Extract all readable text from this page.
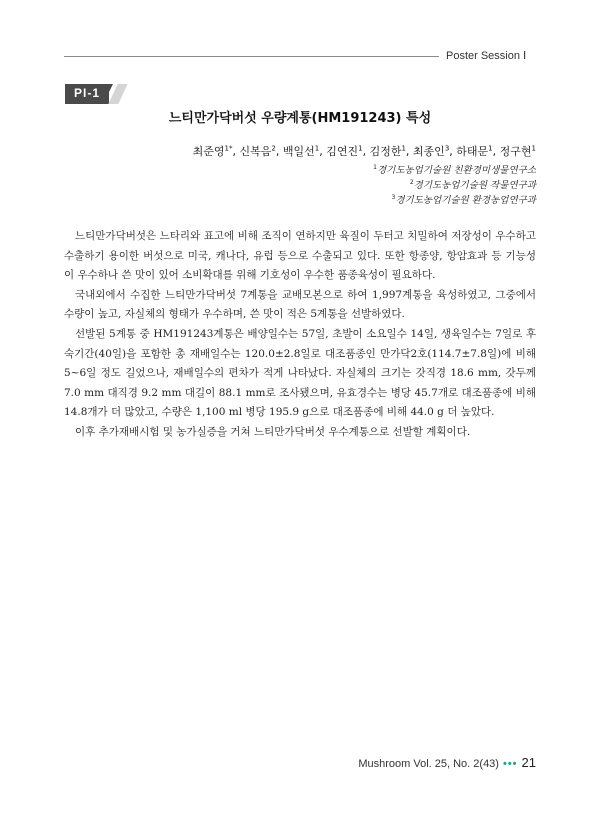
Poster Session Ⅰ
PI-1
느티만가닥버섯 우량계통(HM191243) 특성
최준영$^{1*}$, 신복음$^2$, 백일선$^1$, 김연진$^1$, 김정한$^1$, 최종인$^3$, 하태문$^1$, 정구현$^1$
$^1$경기도농업기술원 친환경미생물연구소
$^2$경기도농업기술원 작물연구과
$^3$경기도농업기술원 환경농업연구과

느티만가닥버섯은 느타리와 표고에 비해 조직이 연하지만 육질이 두터고 치밀하여 저장성이 우수하고 수출하기 용이한 버섯으로 미국, 캐나다, 유럽 등으로 수출되고 있다. 또한 항종양, 항암효과 등 기능성이 우수하나 쓴 맛이 있어 소비확대를 위해 기호성이 우수한 품종육성이 필요하다.

국내외에서 수집한 느티만가닥버섯 7계통을 교배모본으로 하여 1,997계통을 육성하였고, 그중에서 수량이 높고, 자실체의 형태가 우수하며, 쓴 맛이 적은 5계통을 선발하였다.

선발된 5계통 중 HM191243계통은 배양일수는 57일, 초발이 소요일수 14일, 생육일수는 7일로 후숙기간(40일)을 포함한 총 재배일수는 120.0±2.8일로 대조품종인 만가닥2호(114.7±7.8일)에 비해 5~6일 정도 길었으나, 재배일수의 편차가 적게 나타났다. 자실체의 크기는 갓직경 18.6 mm, 갓두께 7.0 mm 대직경 9.2 mm 대길이 88.1 mm로 조사됐으며, 유효경수는 병당 45.7개로 대조품종에 비해 14.8개가 더 많았고, 수량은 1,100 ml 병당 195.9 g으로 대조품종에 비해 44.0 g 더 높았다.

이후 추가재배시험 및 농가실증을 거쳐 느티만가닥버섯 우수계통으로 선발할 계획이다.

Mushroom Vol. 25, No. 2(43) ••• 21
